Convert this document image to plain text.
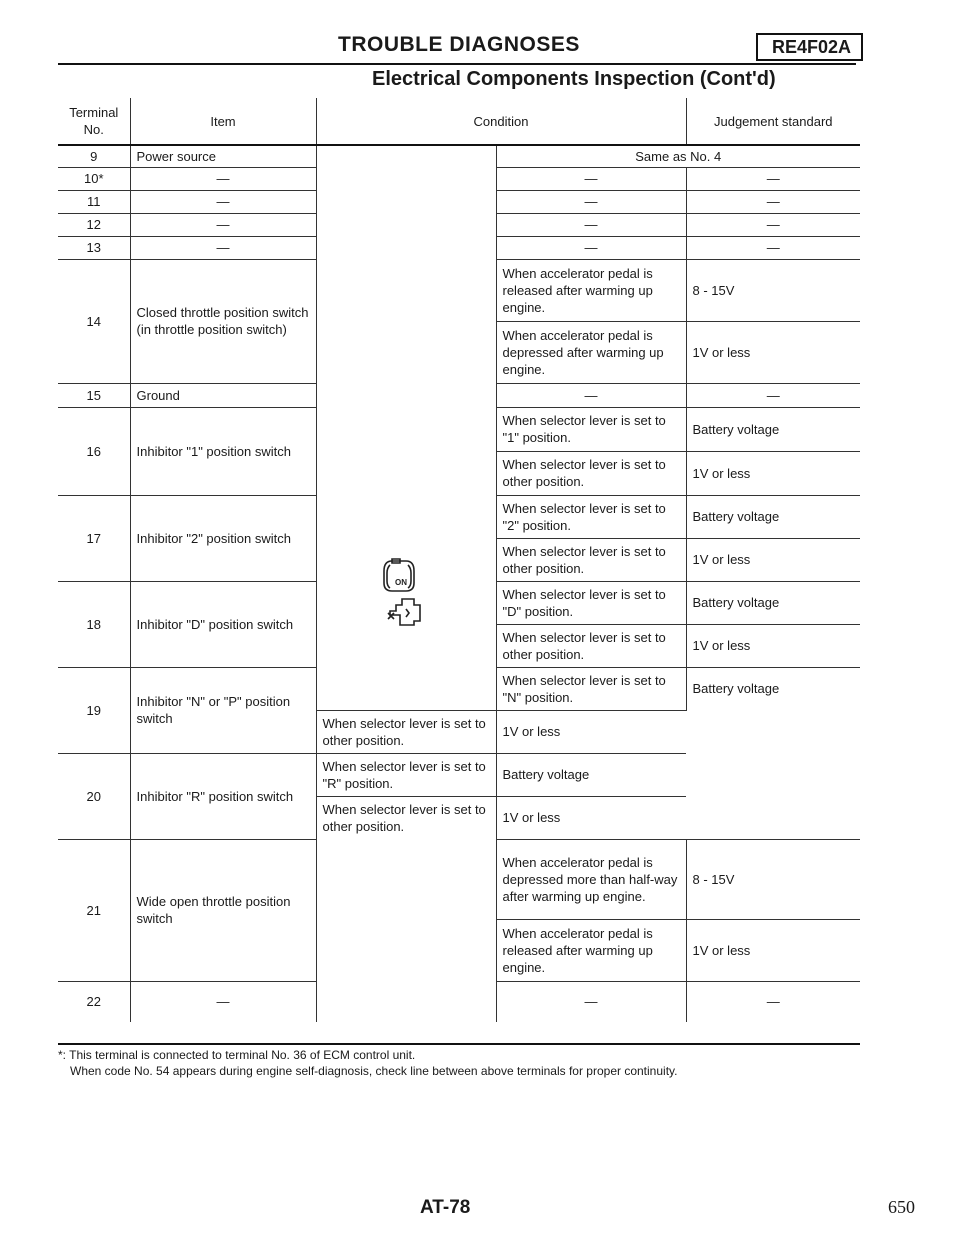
TROUBLE DIAGNOSES	RE4F02A
Electrical Components Inspection (Cont'd)
Terminal No.	Item	Condition		Judgement standard
9	Power source		Same as No. 4	
10*	—		—	—
11	—		—	—
12	—		—	—
13	—		—	—
14	Closed throttle position switch (in throttle position switch)		When accelerator pedal is released after warming up engine.	8 - 15V
			When accelerator pedal is depressed after warming up engine.	1V or less
15	Ground		—	—
16	Inhibitor "1" position switch		When selector lever is set to "1" position.	Battery voltage
			When selector lever is set to other position.	1V or less
17	Inhibitor "2" position switch		When selector lever is set to "2" position.	Battery voltage
			When selector lever is set to other position.	1V or less
18	Inhibitor "D" position switch		When selector lever is set to "D" position.	Battery voltage
			When selector lever is set to other position.	1V or less
19	Inhibitor "N" or "P" position switch		When selector lever is set to "N" position.	Battery voltage
		When selector lever is set to other position.	1V or less	
20	Inhibitor "R" position switch	When selector lever is set to "R" position.	Battery voltage	
		When selector lever is set to other position.	1V or less	
21	Wide open throttle position switch		When accelerator pedal is depressed more than half-way after warming up engine.	8 - 15V
			When accelerator pedal is released after warming up engine.	1V or less
22	—		—	—
ON
*: This terminal is connected to terminal No. 36 of ECM control unit.
When code No. 54 appears during engine self-diagnosis, check line between above terminals for proper continuity.
AT-78	650
